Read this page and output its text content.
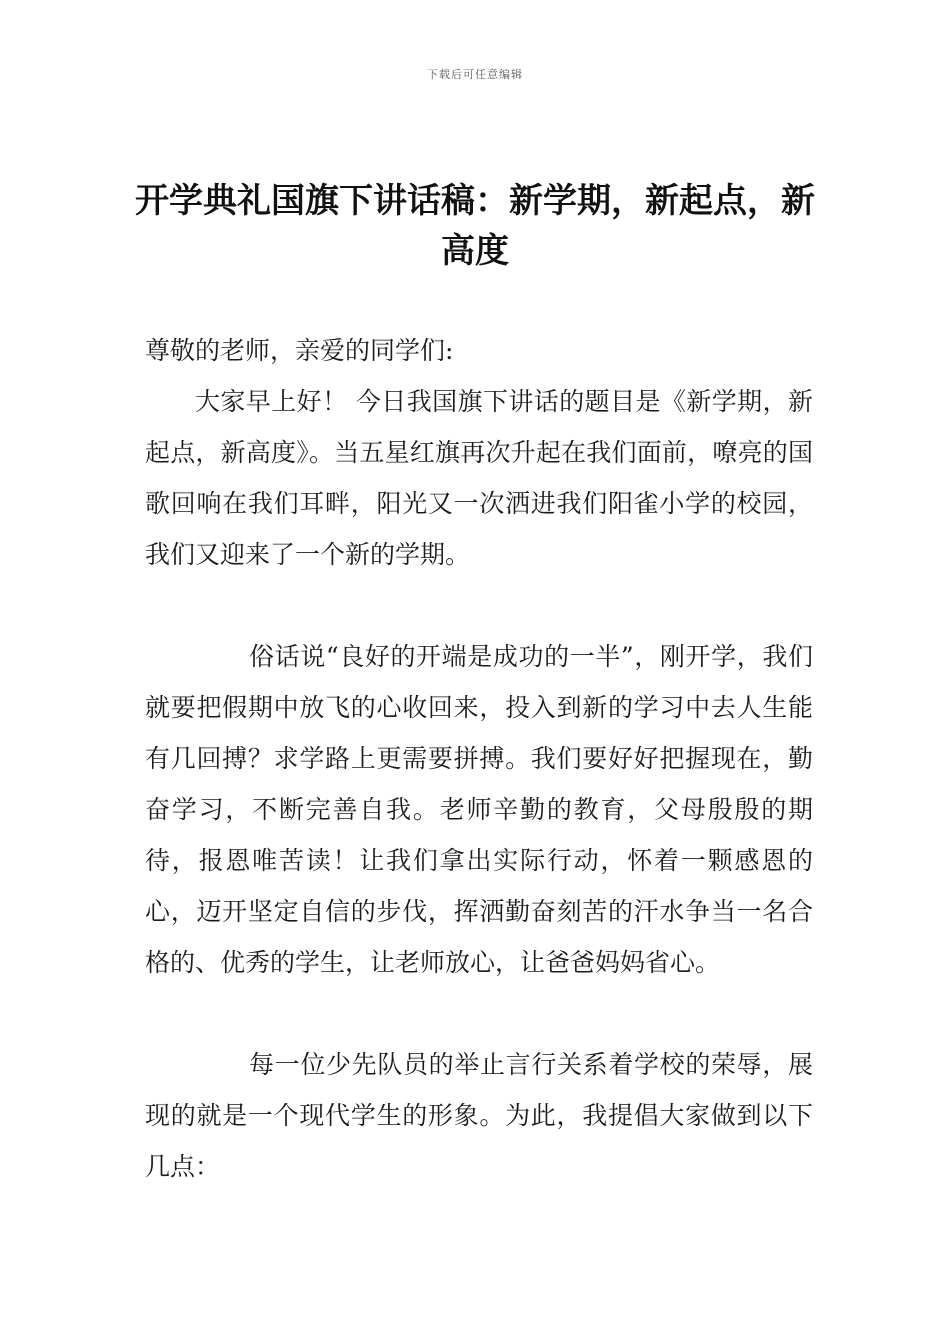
下载后可任意编辑
开学典礼国旗下讲话稿：新学期，新起点，新高度

尊敬的老师，亲爱的同学们:

大家早上好！ 今日我国旗下讲话的题目是《新学期，新起点，新高度》。当五星红旗再次升起在我们面前，嘹亮的国歌回响在我们耳畔，阳光又一次洒进我们阳雀小学的校园，我们又迎来了一个新的学期。

俗话说“良好的开端是成功的一半”，刚开学，我们就要把假期中放飞的心收回来，投入到新的学习中去人生能有几回搏？求学路上更需要拼搏。我们要好好把握现在，勤奋学习，不断完善自我。老师辛勤的教育，父母殷殷的期待，报恩唯苦读！让我们拿出实际行动，怀着一颗感恩的心，迈开坚定自信的步伐，挥洒勤奋刻苦的汗水争当一名合格的、优秀的学生，让老师放心，让爸爸妈妈省心。

每一位少先队员的举止言行关系着学校的荣辱，展现的就是一个现代学生的形象。为此，我提倡大家做到以下几点：
